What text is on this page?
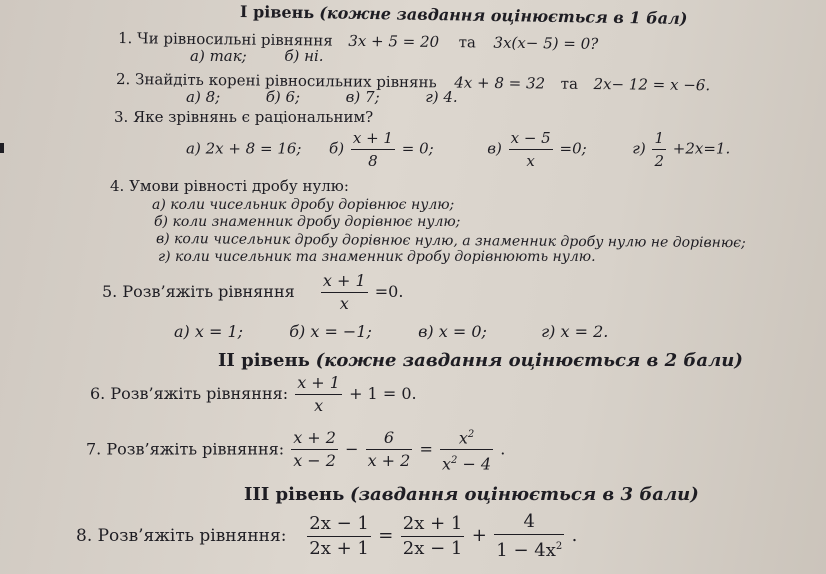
І рівень (кожне завдання оцінюється в 1 бал)
1. Чи рівносильні рівняння 3x + 5 = 20 та 3x(x− 5) = 0?
а) так;	б) ні.
2. Знайдіть корені рівносильних рівнянь 4x + 8 = 32 та 2x− 12 = x −6.
а) 8;	б) 6;	в) 7;	г) 4.
3. Яке зрівнянь є раціональним?
а) 2x + 8 = 16; $б) \frac{x + 1}{8} = 0$;	$в) \frac{x - 5}{x} =0$;	$г) \frac{1}{2} +2x=1$.
4. Умови рівності дробу нулю:
а) коли чисельник дробу дорівнює нулю;
б) коли знаменник дробу дорівнює нулю;
в) коли чисельник дробу дорівнює нулю, а знаменник дробу нулю не дорівнює;
г) коли чисельник та знаменник дробу дорівнюють нулю.
5. Розв’яжіть рівняння $\frac{x + 1}{x} =0$.
а) x = 1;	б) x = −1;	в) x = 0;	г) x = 2.
II рівень (кожне завдання оцінюється в 2 бали)
6. Розв’яжіть рівняння: $\frac{x + 1}{x} + 1 = 0$.
7. Розв’яжіть рівняння: $\frac{x + 2}{x - 2} - \frac{6}{x + 2} = \frac{x^2}{x^2 - 4}$ .
III рівень (завдання оцінюється в 3 бали)
8. Розв’яжіть рівняння: $\frac{2x - 1}{2x + 1} = \frac{2x + 1}{2x - 1} + \frac{4}{1 - 4x^2}$ .
